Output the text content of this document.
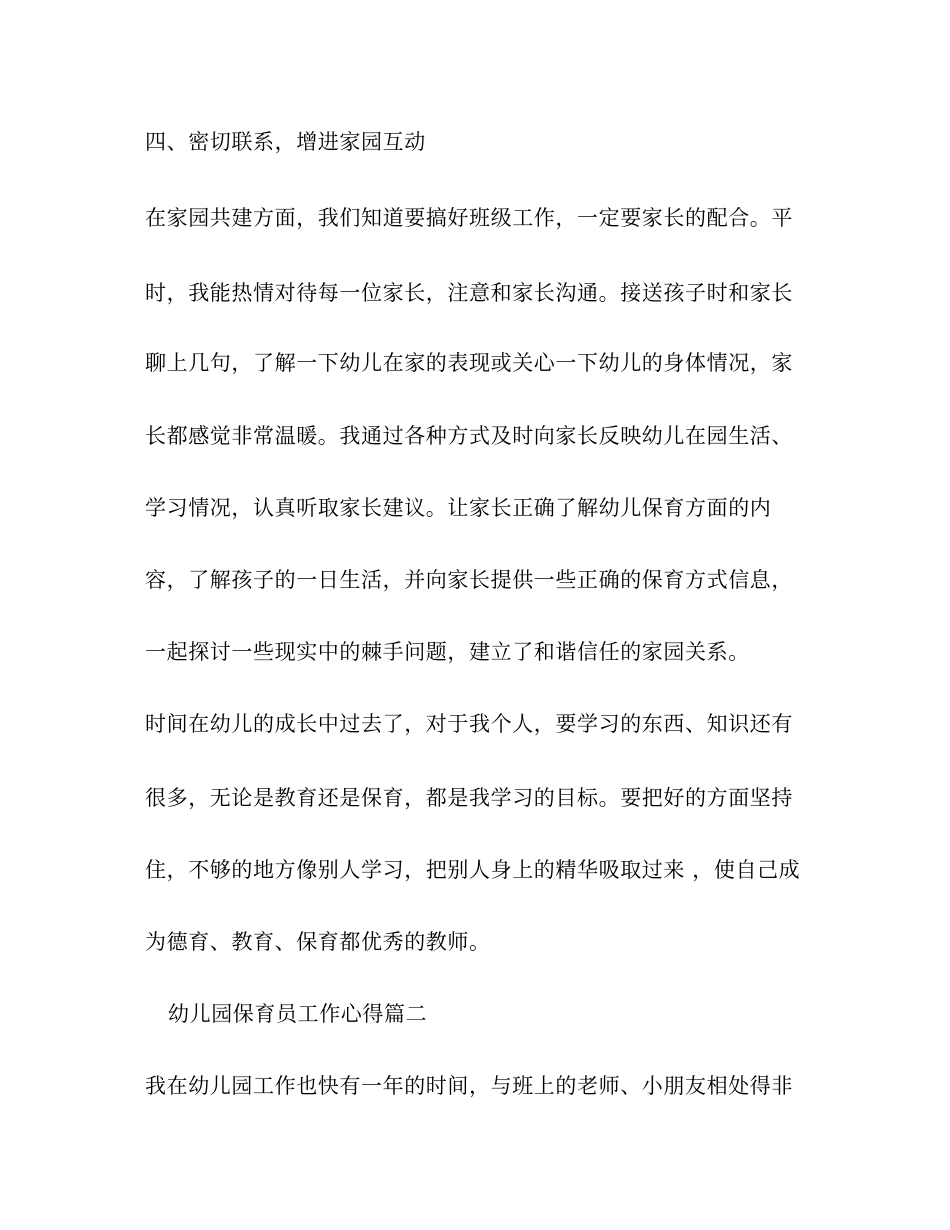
四、密切联系，增进家园互动
在家园共建方面，我们知道要搞好班级工作，一定要家长的配合。平
时，我能热情对待每一位家长，注意和家长沟通。接送孩子时和家长
聊上几句，了解一下幼儿在家的表现或关心一下幼儿的身体情况，家
长都感觉非常温暖。我通过各种方式及时向家长反映幼儿在园生活、
学习情况，认真听取家长建议。让家长正确了解幼儿保育方面的内
容，了解孩子的一日生活，并向家长提供一些正确的保育方式信息，
一起探讨一些现实中的棘手问题，建立了和谐信任的家园关系。
时间在幼儿的成长中过去了，对于我个人，要学习的东西、知识还有
很多，无论是教育还是保育，都是我学习的目标。要把好的方面坚持
住，不够的地方像别人学习，把别人身上的精华吸取过来 ，使自己成
为德育、教育、保育都优秀的教师。
幼儿园保育员工作心得篇二
我在幼儿园工作也快有一年的时间，与班上的老师、小朋友相处得非
